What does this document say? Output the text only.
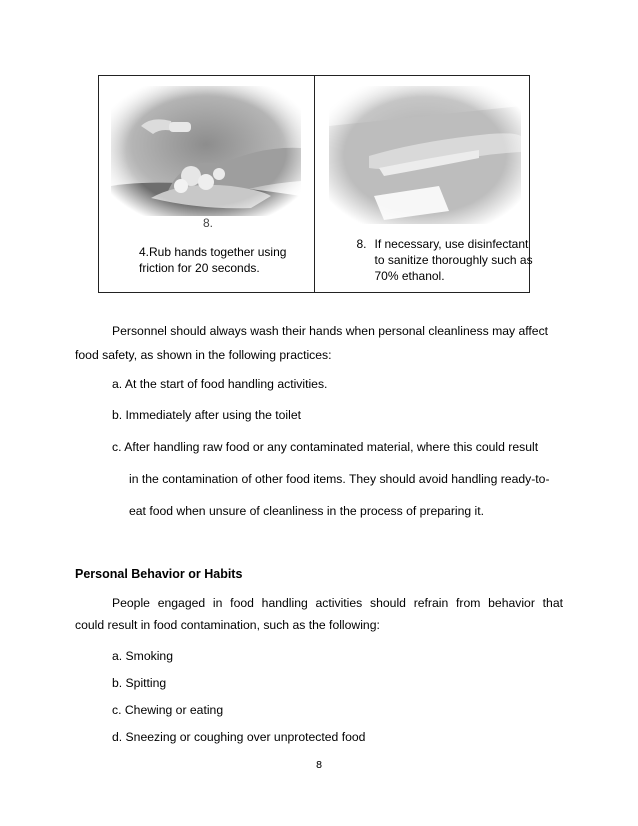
8.
4.Rub hands together using friction for 20 seconds.
8. If necessary, use disinfectant to sanitize thoroughly such as 70% ethanol.
Personnel should always wash their hands when personal cleanliness may affect
food safety, as shown in the following practices:
a. At the start of food handling activities.
b. Immediately after using the toilet
c. After handling raw food or any contaminated material, where this could result
in the contamination of other food items. They should avoid handling ready-to-
eat food when unsure of cleanliness in the process of preparing it.
Personal Behavior or Habits
People engaged in food handling activities should refrain from behavior that
could result in food contamination, such as the following:
a. Smoking
b. Spitting
c. Chewing or eating
d. Sneezing or coughing over unprotected food
8
